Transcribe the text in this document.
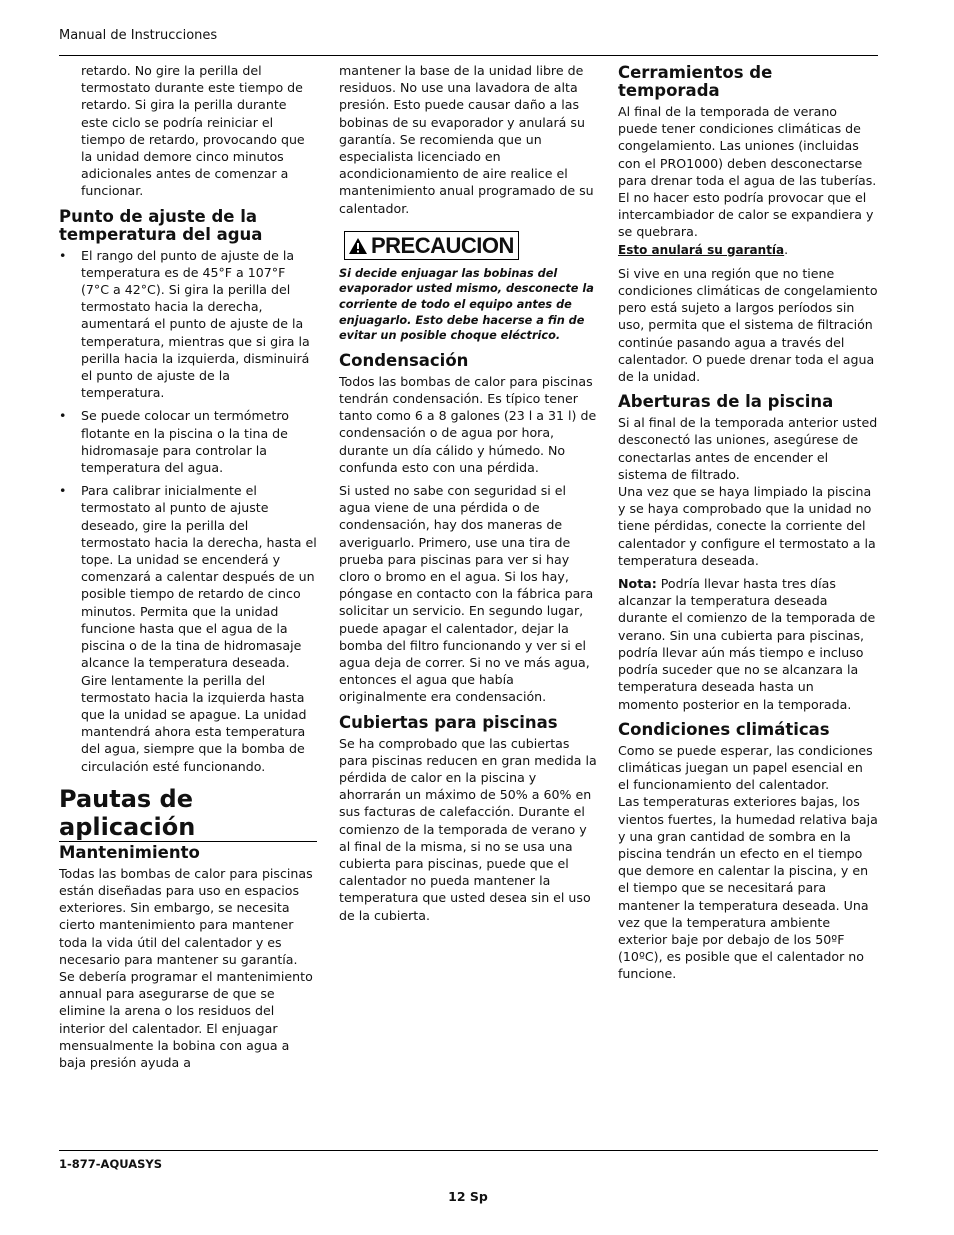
Manual de Instrucciones

retardo. No gire la perilla del termostato durante este tiempo de retardo. Si gira la perilla durante este ciclo se podría reiniciar el tiempo de retardo, provocando que la unidad demore cinco minutos adicionales antes de comenzar a funcionar.

Punto de ajuste de la temperatura del agua
• El rango del punto de ajuste de la temperatura es de 45°F a 107°F (7°C a 42°C). Si gira la perilla del termostato hacia la derecha, aumentará el punto de ajuste de la temperatura, mientras que si gira la perilla hacia la izquierda, disminuirá el punto de ajuste de la temperatura.
• Se puede colocar un termómetro flotante en la piscina o la tina de hidromasaje para controlar la temperatura del agua.
• Para calibrar inicialmente el termostato al punto de ajuste deseado, gire la perilla del termostato hacia la derecha, hasta el tope. La unidad se encenderá y comenzará a calentar después de un posible tiempo de retardo de cinco minutos. Permita que la unidad funcione hasta que el agua de la piscina o de la tina de hidromasaje alcance la temperatura deseada. Gire lentamente la perilla del termostato hacia la izquierda hasta que la unidad se apague. La unidad mantendrá ahora esta temperatura del agua, siempre que la bomba de circulación esté funcionando.
Pautas de aplicación
Mantenimiento

Todas las bombas de calor para piscinas están diseñadas para uso en espacios exteriores. Sin embargo, se necesita cierto mantenimiento para mantener toda la vida útil del calentador y es necesario para mantener su garantía. Se debería programar el mantenimiento annual para asegurarse de que se elimine la arena o los residuos del interior del calentador. El enjuagar mensualmente la bobina con agua a baja presión ayuda a

mantener la base de la unidad libre de residuos. No use una lavadora de alta presión. Esto puede causar daño a las bobinas de su evaporador y anulará su garantía. Se recomienda que un especialista licenciado en acondicionamiento de aire realice el mantenimiento anual programado de su calentador.

PRECAUCION

Si decide enjuagar las bobinas del evaporador usted mismo, desconecte la corriente de todo el equipo antes de enjuagarlo. Esto debe hacerse a fin de evitar un posible choque eléctrico.

Condensación

Todos las bombas de calor para piscinas tendrán condensación. Es típico tener tanto como 6 a 8 galones (23 l a 31 l) de condensación o de agua por hora, durante un día cálido y húmedo. No confunda esto con una pérdida.

Si usted no sabe con seguridad si el agua viene de una pérdida o de condensación, hay dos maneras de averiguarlo. Primero, use una tira de prueba para piscinas para ver si hay cloro o bromo en el agua. Si los hay, póngase en contacto con la fábrica para solicitar un servicio. En segundo lugar, puede apagar el calentador, dejar la bomba del filtro funcionando y ver si el agua deja de correr. Si no ve más agua, entonces el agua que había originalmente era condensación.

Cubiertas para piscinas

Se ha comprobado que las cubiertas para piscinas reducen en gran medida la pérdida de calor en la piscina y ahorrarán un máximo de 50% a 60% en sus facturas de calefacción. Durante el comienzo de la temporada de verano y al final de la misma, si no se usa una cubierta para piscinas, puede que el calentador no pueda mantener la temperatura que usted desea sin el uso de la cubierta.

Cerramientos de temporada

Al final de la temporada de verano puede tener condiciones climáticas de congelamiento. Las uniones (incluidas con el PRO1000) deben desconectarse para drenar toda el agua de las tuberías. El no hacer esto podría provocar que el intercambiador de calor se expandiera y se quebrara.

Esto anulará su garantía.

Si vive en una región que no tiene condiciones climáticas de congelamiento pero está sujeto a largos períodos sin uso, permita que el sistema de filtración continúe pasando agua a través del calentador. O puede drenar toda el agua de la unidad.

Aberturas de la piscina

Si al final de la temporada anterior usted desconectó las uniones, asegúrese de conectarlas antes de encender el sistema de filtrado.

Una vez que se haya limpiado la piscina y se haya comprobado que la unidad no tiene pérdidas, conecte la corriente del calentador y configure el termostato a la temperatura deseada.

Nota: Podría llevar hasta tres días alcanzar la temperatura deseada durante el comienzo de la temporada de verano. Sin una cubierta para piscinas, podría llevar aún más tiempo e incluso podría suceder que no se alcanzara la temperatura deseada hasta un momento posterior en la temporada.

Condiciones climáticas

Como se puede esperar, las condiciones climáticas juegan un papel esencial en el funcionamiento del calentador.

Las temperaturas exteriores bajas, los vientos fuertes, la humedad relativa baja y una gran cantidad de sombra en la piscina tendrán un efecto en el tiempo que demore en calentar la piscina, y en el tiempo que se necesitará para mantener la temperatura deseada. Una vez que la temperatura ambiente exterior baje por debajo de los 50ºF (10ºC), es posible que el calentador no funcione.

1-877-AQUASYS
12 Sp
